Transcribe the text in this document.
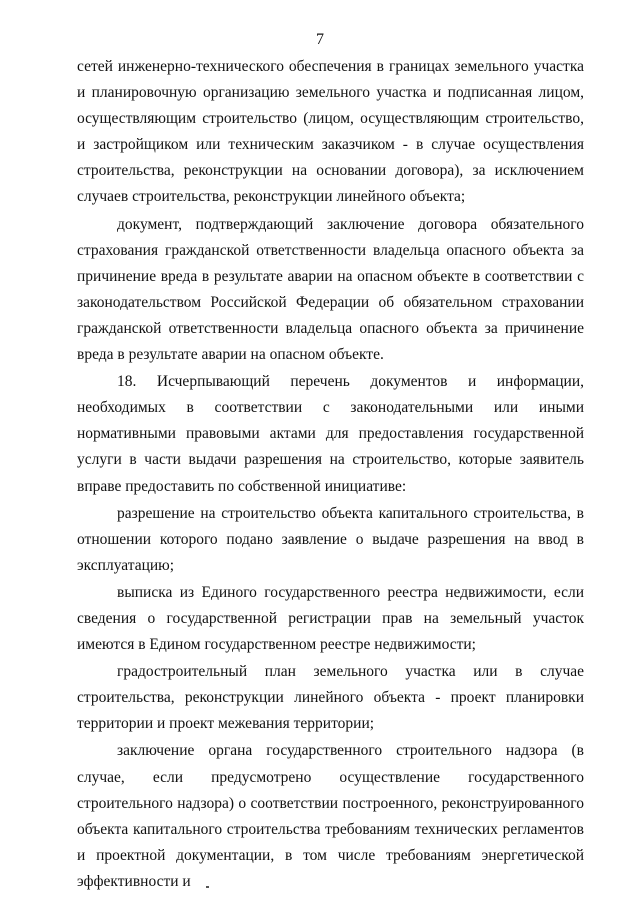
7

сетей инженерно-технического обеспечения в границах земельного участка и планировочную организацию земельного участка и подписанная лицом, осуществляющим строительство (лицом, осуществляющим строительство, и застройщиком или техническим заказчиком - в случае осуществления строительства, реконструкции на основании договора), за исключением случаев строительства, реконструкции линейного объекта;

документ, подтверждающий заключение договора обязательного страхования гражданской ответственности владельца опасного объекта за причинение вреда в результате аварии на опасном объекте в соответствии с законодательством Российской Федерации об обязательном страховании гражданской ответственности владельца опасного объекта за причинение вреда в результате аварии на опасном объекте.

18. Исчерпывающий перечень документов и информации, необходимых в соответствии с законодательными или иными нормативными правовыми актами для предоставления государственной услуги в части выдачи разрешения на строительство, которые заявитель вправе предоставить по собственной инициативе:

разрешение на строительство объекта капитального строительства, в отношении которого подано заявление о выдаче разрешения на ввод в эксплуатацию;

выписка из Единого государственного реестра недвижимости, если сведения о государственной регистрации прав на земельный участок имеются в Едином государственном реестре недвижимости;

градостроительный план земельного участка или в случае строительства, реконструкции линейного объекта - проект планировки территории и проект межевания территории;

заключение органа государственного строительного надзора (в случае, если предусмотрено осуществление государственного строительного надзора) о соответствии построенного, реконструированного объекта капитального строительства требованиям технических регламентов и проектной документации, в том числе требованиям энергетической эффективности и
